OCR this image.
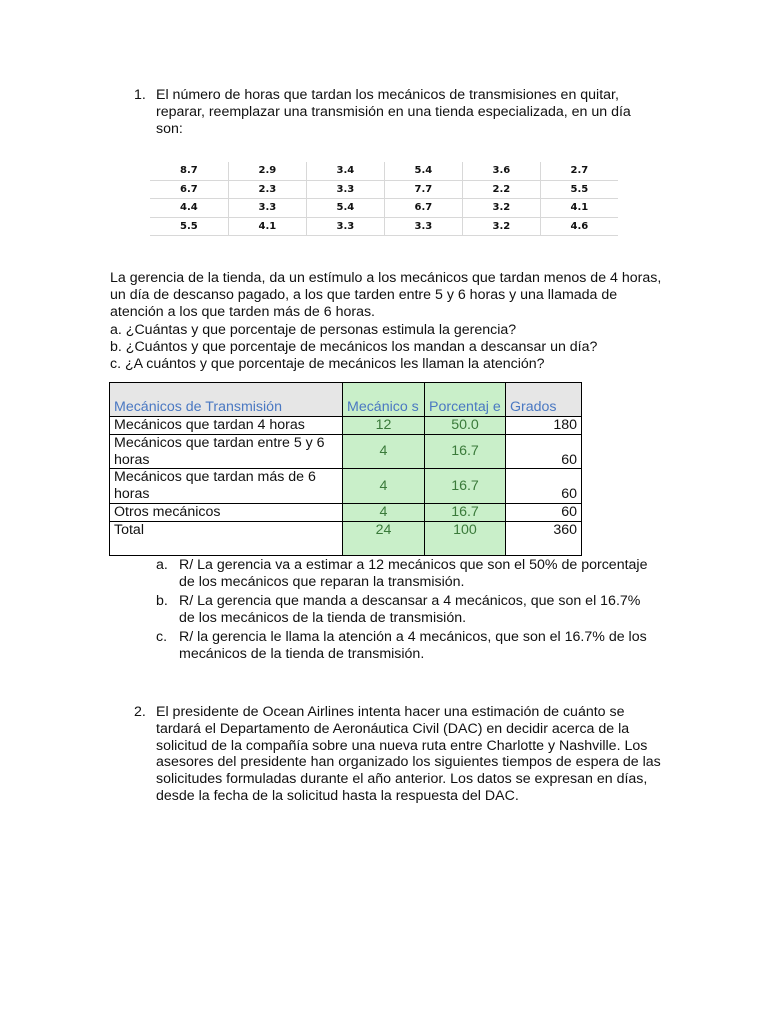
1. El número de horas que tardan los mecánicos de transmisiones en quitar, reparar, reemplazar una transmisión en una tienda especializada, en un día son:
8.7	2.9	3.4	5.4	3.6	2.7
6.7	2.3	3.3	7.7	2.2	5.5
4.4	3.3	5.4	6.7	3.2	4.1
5.5	4.1	3.3	3.3	3.2	4.6

La gerencia de la tienda, da un estímulo a los mecánicos que tardan menos de 4 horas, un día de descanso pagado, a los que tarden entre 5 y 6 horas y una llamada de atención a los que tarden más de 6 horas.

a. ¿Cuántas y que porcentaje de personas estimula la gerencia?

b. ¿Cuántos y que porcentaje de mecánicos los mandan a descansar un día?

c. ¿A cuántos y que porcentaje de mecánicos les llaman la atención?

Mecánicos de Transmisión	Mecánico s	Porcentaj e	Grados
Mecánicos que tardan 4 horas	12	50.0	180
Mecánicos que tardan entre 5 y 6 horas	4	16.7	60
Mecánicos que tardan más de 6 horas	4	16.7	60
Otros mecánicos	4	16.7	60
Total	24	100	360
a. R/ La gerencia va a estimar a 12 mecánicos que son el 50% de porcentaje de los mecánicos que reparan la transmisión.
b. R/ La gerencia que manda a descansar a 4 mecánicos, que son el 16.7% de los mecánicos de la tienda de transmisión.
c. R/ la gerencia le llama la atención a 4 mecánicos, que son el 16.7% de los mecánicos de la tienda de transmisión.
2. El presidente de Ocean Airlines intenta hacer una estimación de cuánto se tardará el Departamento de Aeronáutica Civil (DAC) en decidir acerca de la solicitud de la compañía sobre una nueva ruta entre Charlotte y Nashville. Los asesores del presidente han organizado los siguientes tiempos de espera de las solicitudes formuladas durante el año anterior. Los datos se expresan en días, desde la fecha de la solicitud hasta la respuesta del DAC.
